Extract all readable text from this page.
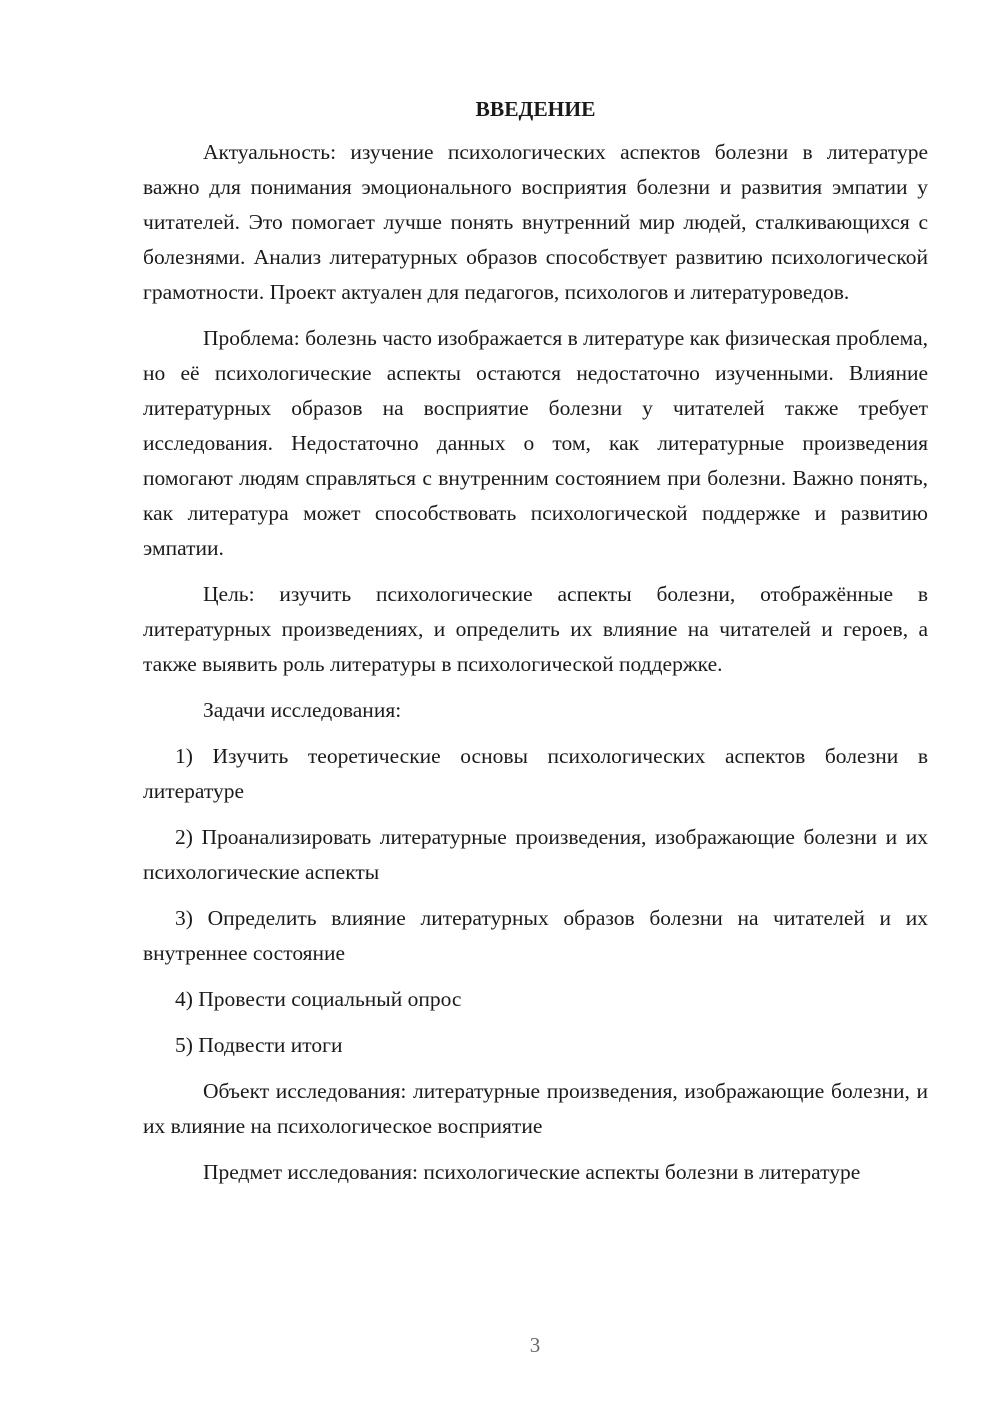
ВВЕДЕНИЕ

Актуальность: изучение психологических аспектов болезни в литературе важно для понимания эмоционального восприятия болезни и развития эмпатии у читателей. Это помогает лучше понять внутренний мир людей, сталкивающихся с болезнями. Анализ литературных образов способствует развитию психологической грамотности. Проект актуален для педагогов, психологов и литературоведов.

Проблема: болезнь часто изображается в литературе как физическая проблема, но её психологические аспекты остаются недостаточно изученными. Влияние литературных образов на восприятие болезни у читателей также требует исследования. Недостаточно данных о том, как литературные произведения помогают людям справляться с внутренним состоянием при болезни. Важно понять, как литература может способствовать психологической поддержке и развитию эмпатии.

Цель: изучить психологические аспекты болезни, отображённые в литературных произведениях, и определить их влияние на читателей и героев, а также выявить роль литературы в психологической поддержке.

Задачи исследования:

1) Изучить теоретические основы психологических аспектов болезни в литературе

2) Проанализировать литературные произведения, изображающие болезни и их психологические аспекты

3) Определить влияние литературных образов болезни на читателей и их внутреннее состояние

4) Провести социальный опрос

5) Подвести итоги

Объект исследования: литературные произведения, изображающие болезни, и их влияние на психологическое восприятие

Предмет исследования: психологические аспекты болезни в литературе

3
